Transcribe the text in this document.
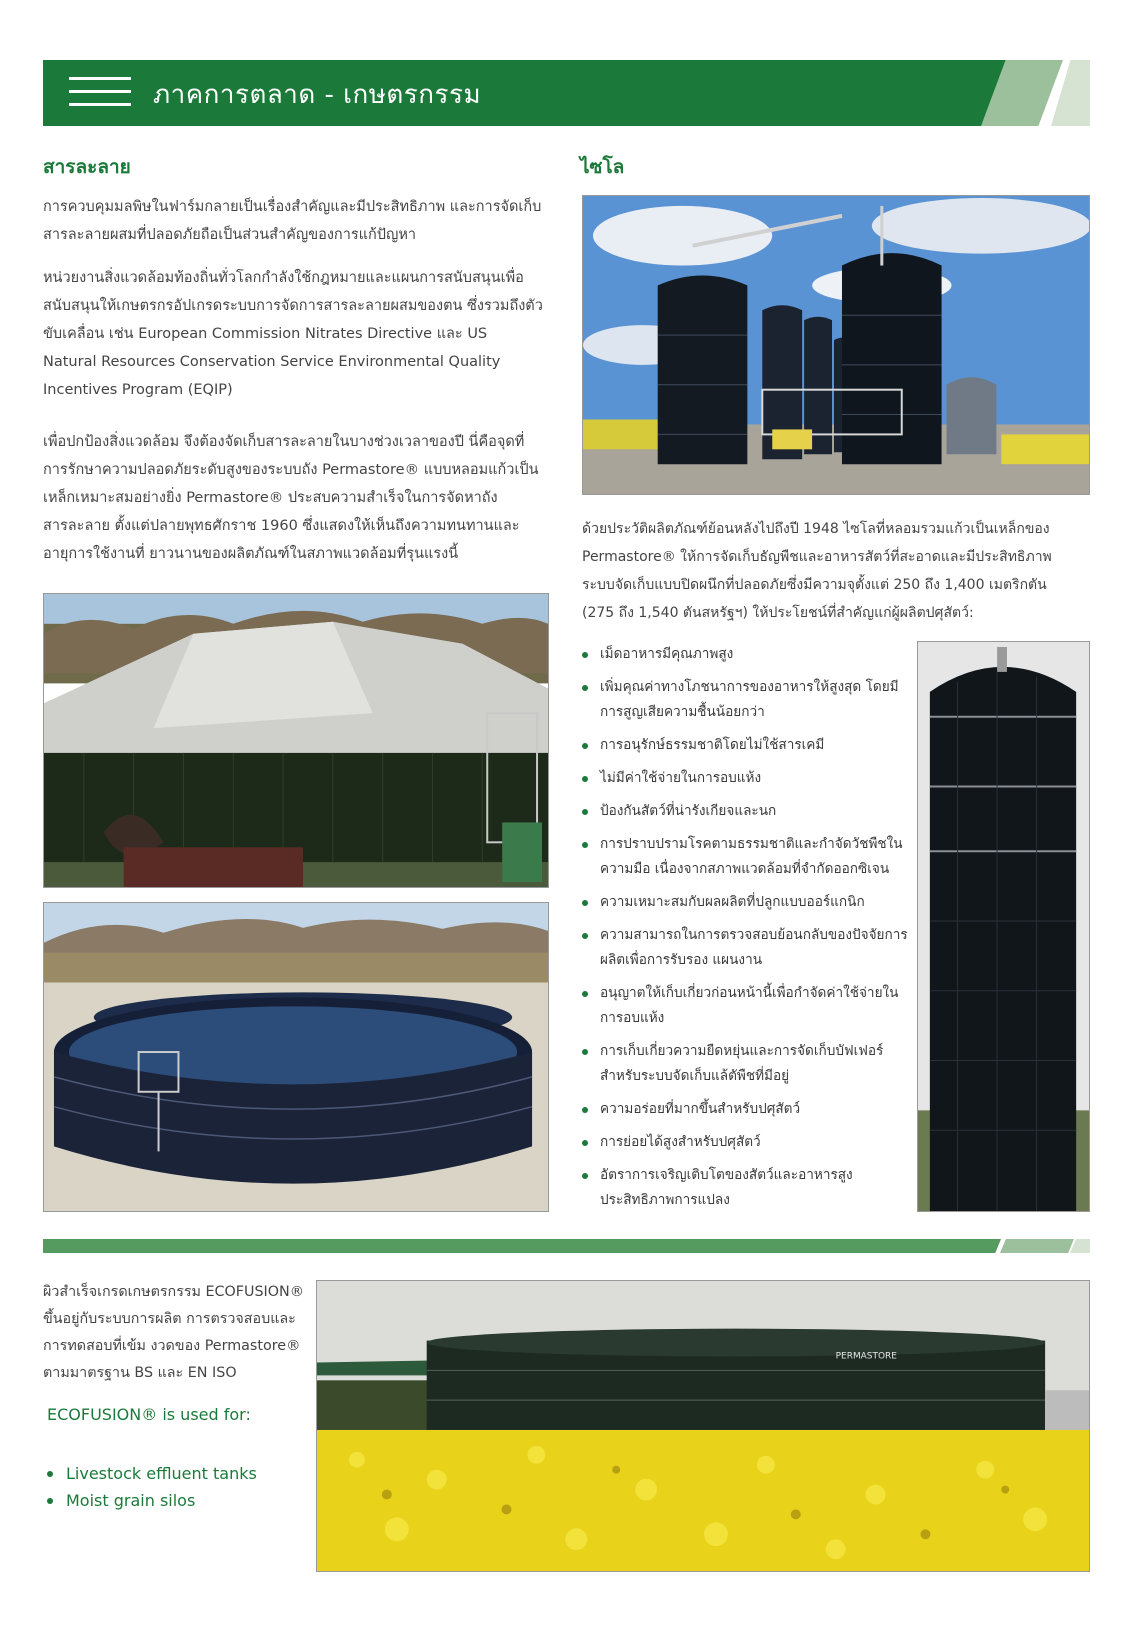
ภาคการตลาด - เกษตรกรรม
สารละลาย
การควบคุมมลพิษในฟาร์มกลายเป็นเรื่องสำคัญและมีประสิทธิภาพ และการจัดเก็บสารละลายผสมที่ปลอดภัยถือเป็นส่วนสำคัญของการแก้ปัญหา
หน่วยงานสิ่งแวดล้อมท้องถิ่นทั่วโลกกำลังใช้กฎหมายและแผนการสนับสนุนเพื่อสนับสนุนให้เกษตรกรอัปเกรดระบบการจัดการสารละลายผสมของตน ซึ่งรวมถึงตัวขับเคลื่อน เช่น European Commission Nitrates Directive และ US Natural Resources Conservation Service Environmental Quality Incentives Program (EQIP)
เพื่อปกป้องสิ่งแวดล้อม จึงต้องจัดเก็บสารละลายในบางช่วงเวลาของปี นี่คือจุดที่การรักษาความปลอดภัยระดับสูงของระบบถัง Permastore® แบบหลอมแก้วเป็นเหล็กเหมาะสมอย่างยิ่ง Permastore® ประสบความสำเร็จในการจัดหาถังสารละลาย ตั้งแต่ปลายพุทธศักราช 1960 ซึ่งแสดงให้เห็นถึงความทนทานและอายุการใช้งานที่ ยาวนานของผลิตภัณฑ์ในสภาพแวดล้อมที่รุนแรงนี้
ไซโล
ด้วยประวัติผลิตภัณฑ์ย้อนหลังไปถึงปี 1948 ไซโลที่หลอมรวมแก้วเป็นเหล็กของ Permastore® ให้การจัดเก็บธัญพืชและอาหารสัตว์ที่สะอาดและมีประสิทธิภาพ ระบบจัดเก็บแบบปิดผนึกที่ปลอดภัยซึ่งมีความจุตั้งแต่ 250 ถึง 1,400 เมตริกตัน (275 ถึง 1,540 ตันสหรัฐฯ) ให้ประโยชน์ที่สำคัญแก่ผู้ผลิตปศุสัตว์:
เม็ดอาหารมีคุณภาพสูง
เพิ่มคุณค่าทางโภชนาการของอาหารให้สูงสุด โดยมีการสูญเสียความชื้นน้อยกว่า
การอนุรักษ์ธรรมชาติโดยไม่ใช้สารเคมี
ไม่มีค่าใช้จ่ายในการอบแห้ง
ป้องกันสัตว์ที่น่ารังเกียจและนก
การปราบปรามโรคตามธรรมชาติและกำจัดวัชพืชในความมือ เนื่องจากสภาพแวดล้อมที่จำกัดออกซิเจน
ความเหมาะสมกับผลผลิตที่ปลูกแบบออร์แกนิก
ความสามารถในการตรวจสอบย้อนกลับของปัจจัยการผลิตเพื่อการรับรอง แผนงาน
อนุญาตให้เก็บเกี่ยวก่อนหน้านี้เพื่อกำจัดค่าใช้จ่ายในการอบแห้ง
การเก็บเกี่ยวความยืดหยุ่นและการจัดเก็บบัฟเฟอร์สำหรับระบบจัดเก็บแล้ตัพืชที่มีอยู่
ความอร่อยที่มากขึ้นสำหรับปศุสัตว์
การย่อยได้สูงสำหรับปศุสัตว์
อัตราการเจริญเติบโตของสัตว์และอาหารสูงประสิทธิภาพการแปลง
ผิวสำเร็จเกรดเกษตรกรรม ECOFUSION® ขึ้นอยู่กับระบบการผลิต การตรวจสอบและการทดสอบที่เข้ม งวดของ Permastore® ตามมาตรฐาน BS และ EN ISO
ECOFUSION® is used for:
Livestock effluent tanks
Moist grain silos
PERMASTORE
